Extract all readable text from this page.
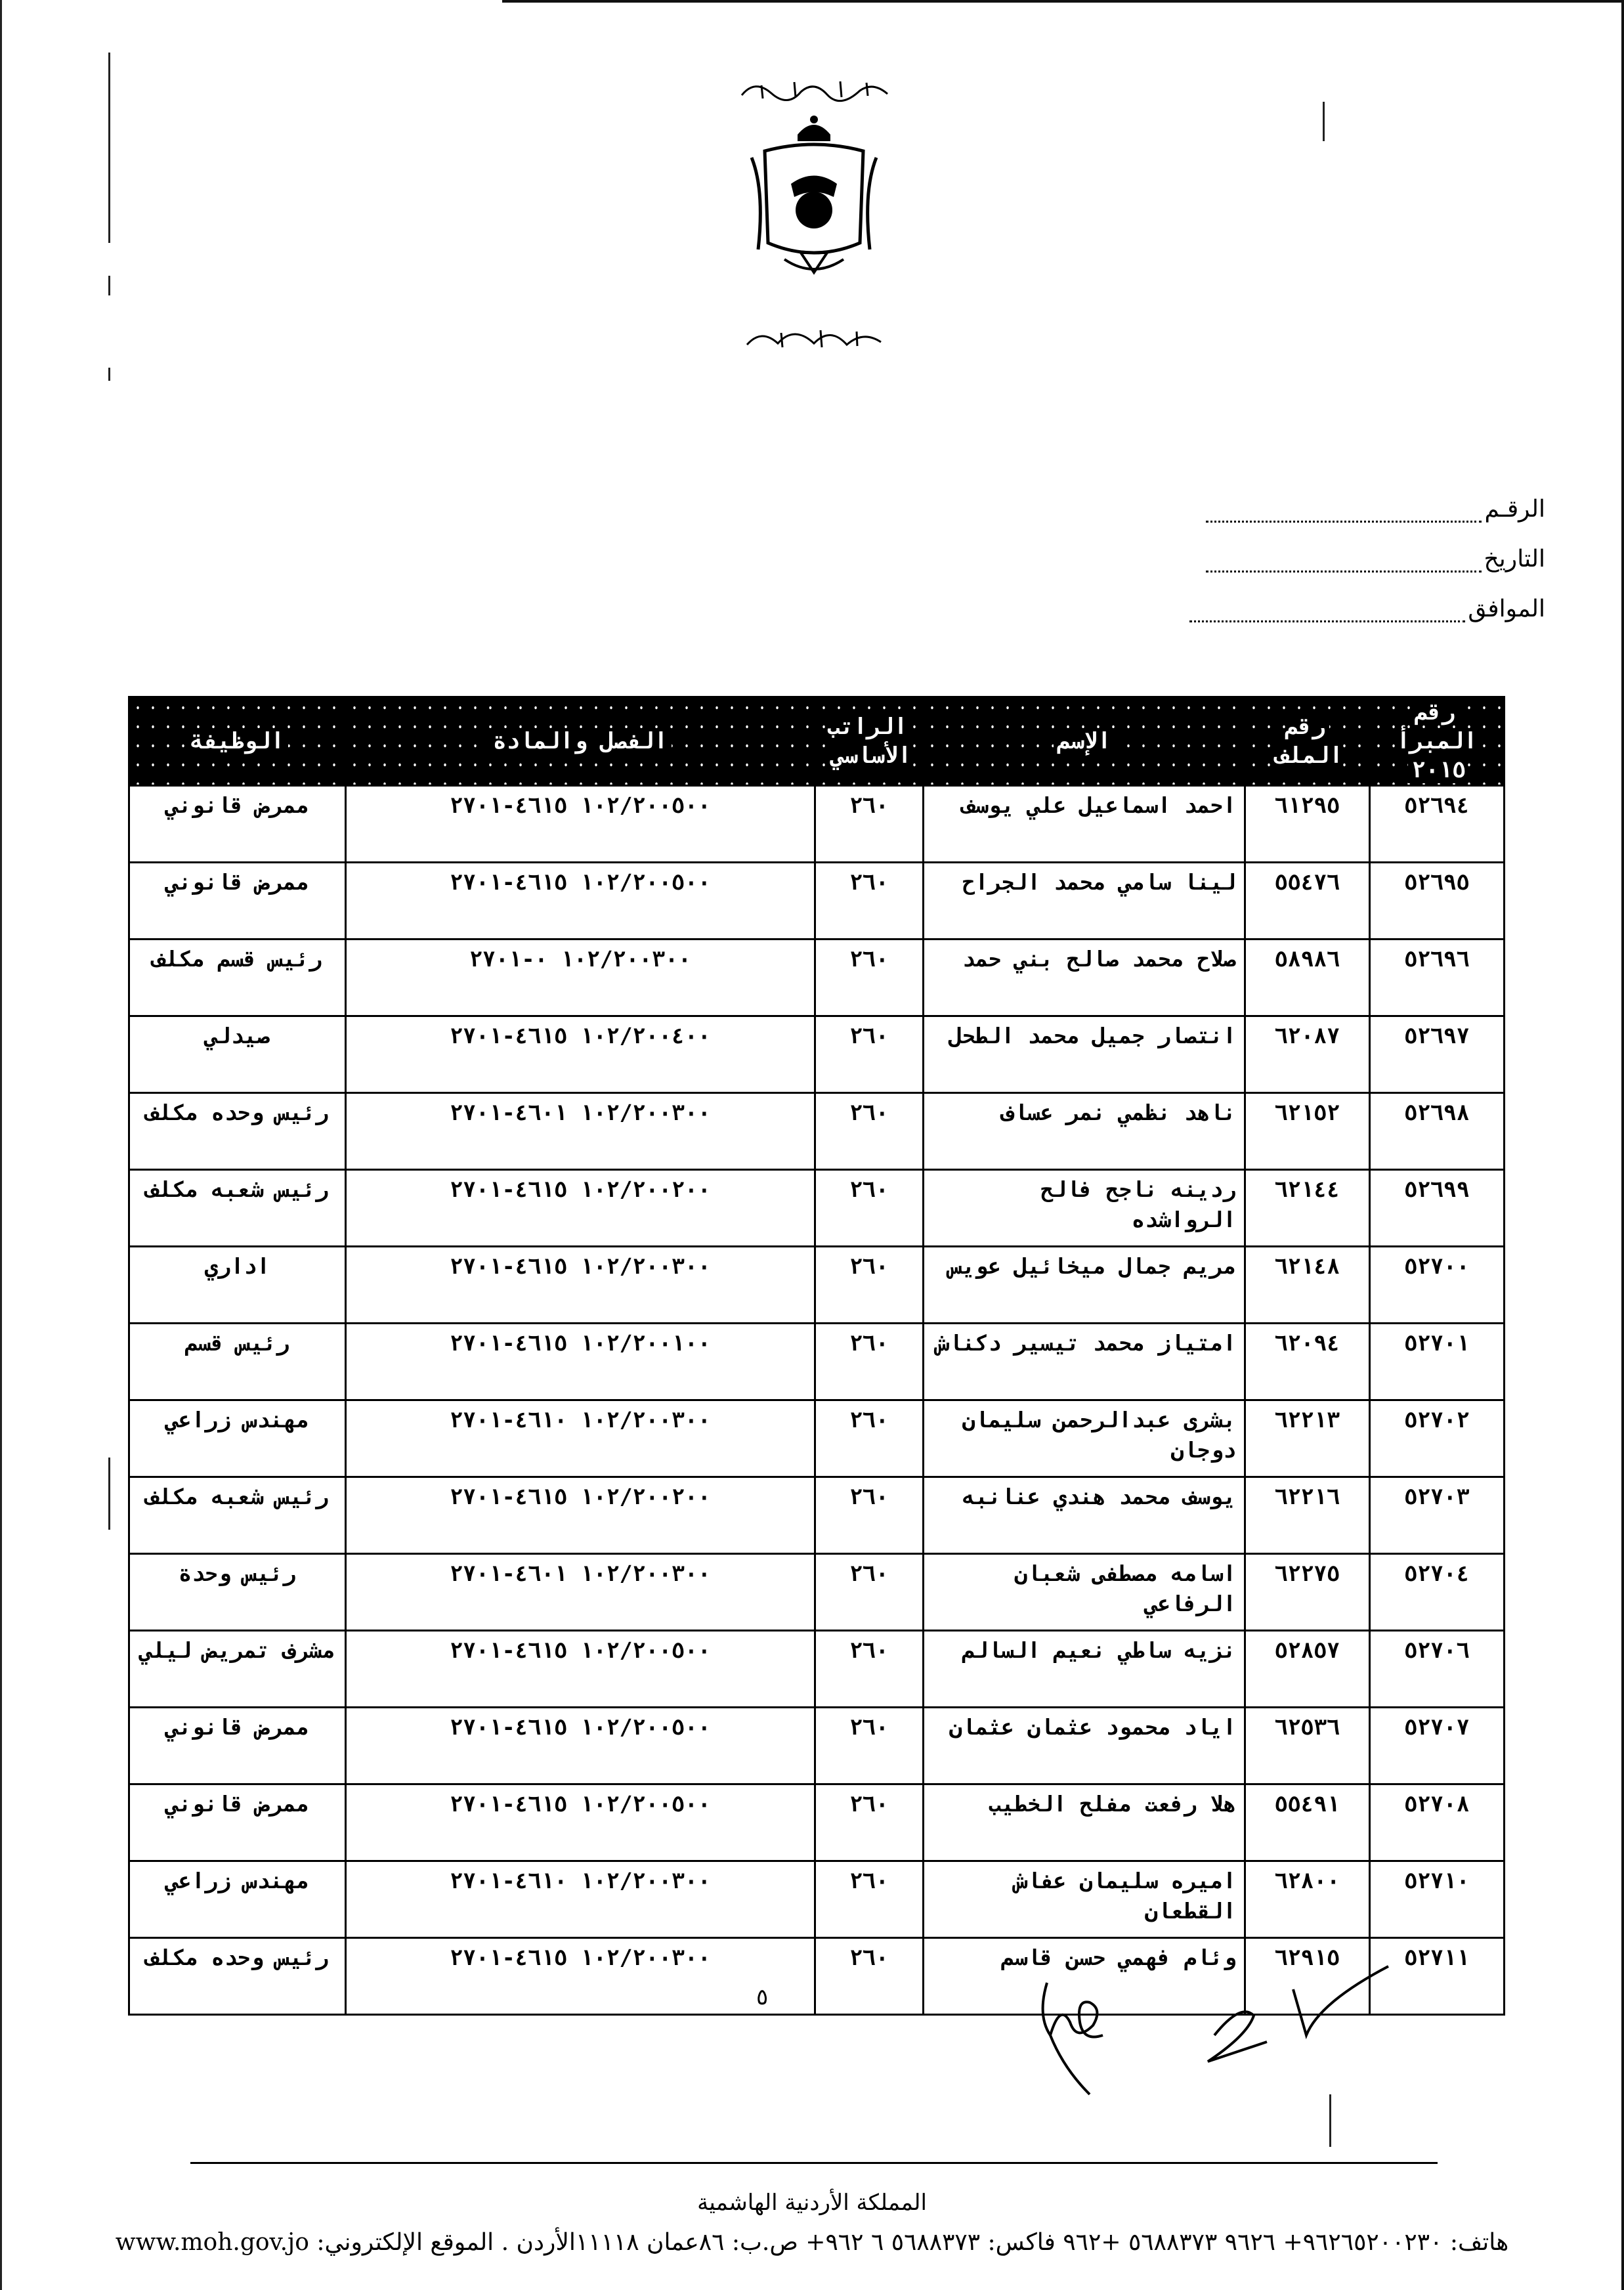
الرقـم
التاريخ
الموافق
رقم المبرأ ٢٠١٥	رقم الملف	الإسم	الراتب الأساسي	الفصل والمادة	الوظيفة
٥٢٦٩٤	٦١٢٩٥	احمد اسماعيل علي يوسف	٢٦٠	١٠٢/٢٠٠٥٠٠ ٤٦١٥-٢٧٠١	ممرض قانوني
٥٢٦٩٥	٥٥٤٧٦	لينا سامي محمد الجراح	٢٦٠	١٠٢/٢٠٠٥٠٠ ٤٦١٥-٢٧٠١	ممرض قانوني
٥٢٦٩٦	٥٨٩٨٦	صلاح محمد صالح بني حمد	٢٦٠	١٠٢/٢٠٠٣٠٠ ٠-٢٧٠١	رئيس قسم مكلف
٥٢٦٩٧	٦٢٠٨٧	انتصار جميل محمد الطحل	٢٦٠	١٠٢/٢٠٠٤٠٠ ٤٦١٥-٢٧٠١	صيدلي
٥٢٦٩٨	٦٢١٥٢	ناهد نظمي نمر عساف	٢٦٠	١٠٢/٢٠٠٣٠٠ ٤٦٠١-٢٧٠١	رئيس وحده مكلف
٥٢٦٩٩	٦٢١٤٤	ردينه ناجح فالح الرواشده	٢٦٠	١٠٢/٢٠٠٢٠٠ ٤٦١٥-٢٧٠١	رئيس شعبه مكلف
٥٢٧٠٠	٦٢١٤٨	مريم جمال ميخائيل عويس	٢٦٠	١٠٢/٢٠٠٣٠٠ ٤٦١٥-٢٧٠١	اداري
٥٢٧٠١	٦٢٠٩٤	امتياز محمد تيسير دكناش	٢٦٠	١٠٢/٢٠٠١٠٠ ٤٦١٥-٢٧٠١	رئيس قسم
٥٢٧٠٢	٦٢٢١٣	بشرى عبدالرحمن سليمان دوجان	٢٦٠	١٠٢/٢٠٠٣٠٠ ٤٦١٠-٢٧٠١	مهندس زراعي
٥٢٧٠٣	٦٢٢١٦	يوسف محمد هندي عنانبه	٢٦٠	١٠٢/٢٠٠٢٠٠ ٤٦١٥-٢٧٠١	رئيس شعبه مكلف
٥٢٧٠٤	٦٢٢٧٥	اسامه مصطفى شعبان الرفاعي	٢٦٠	١٠٢/٢٠٠٣٠٠ ٤٦٠١-٢٧٠١	رئيس وحدة
٥٢٧٠٦	٥٢٨٥٧	نزيه ساطي نعيم السالم	٢٦٠	١٠٢/٢٠٠٥٠٠ ٤٦١٥-٢٧٠١	مشرف تمريض ليلي
٥٢٧٠٧	٦٢٥٣٦	اياد محمود عثمان عثمان	٢٦٠	١٠٢/٢٠٠٥٠٠ ٤٦١٥-٢٧٠١	ممرض قانوني
٥٢٧٠٨	٥٥٤٩١	هلا رفعت مفلح الخطيب	٢٦٠	١٠٢/٢٠٠٥٠٠ ٤٦١٥-٢٧٠١	ممرض قانوني
٥٢٧١٠	٦٢٨٠٠	اميره سليمان عفاش القطعان	٢٦٠	١٠٢/٢٠٠٣٠٠ ٤٦١٠-٢٧٠١	مهندس زراعي
٥٢٧١١	٦٢٩١٥	وئام فهمي حسن قاسم	٢٦٠	١٠٢/٢٠٠٣٠٠ ٤٦١٥-٢٧٠١	رئيس وحده مكلف
٥
المملكة الأردنية الهاشمية
هاتف: ٩٦٢٦٥٢٠٠٢٣٠+ ٩٦٢٦ ٥٦٨٨٣٧٣ +٩٦٢ فاكس: ٥٦٨٨٣٧٣ ٦ ٩٦٢+ ص.ب: ٨٦عمان ١١١١٨الأردن . الموقع الإلكتروني: www.moh.gov.jo
